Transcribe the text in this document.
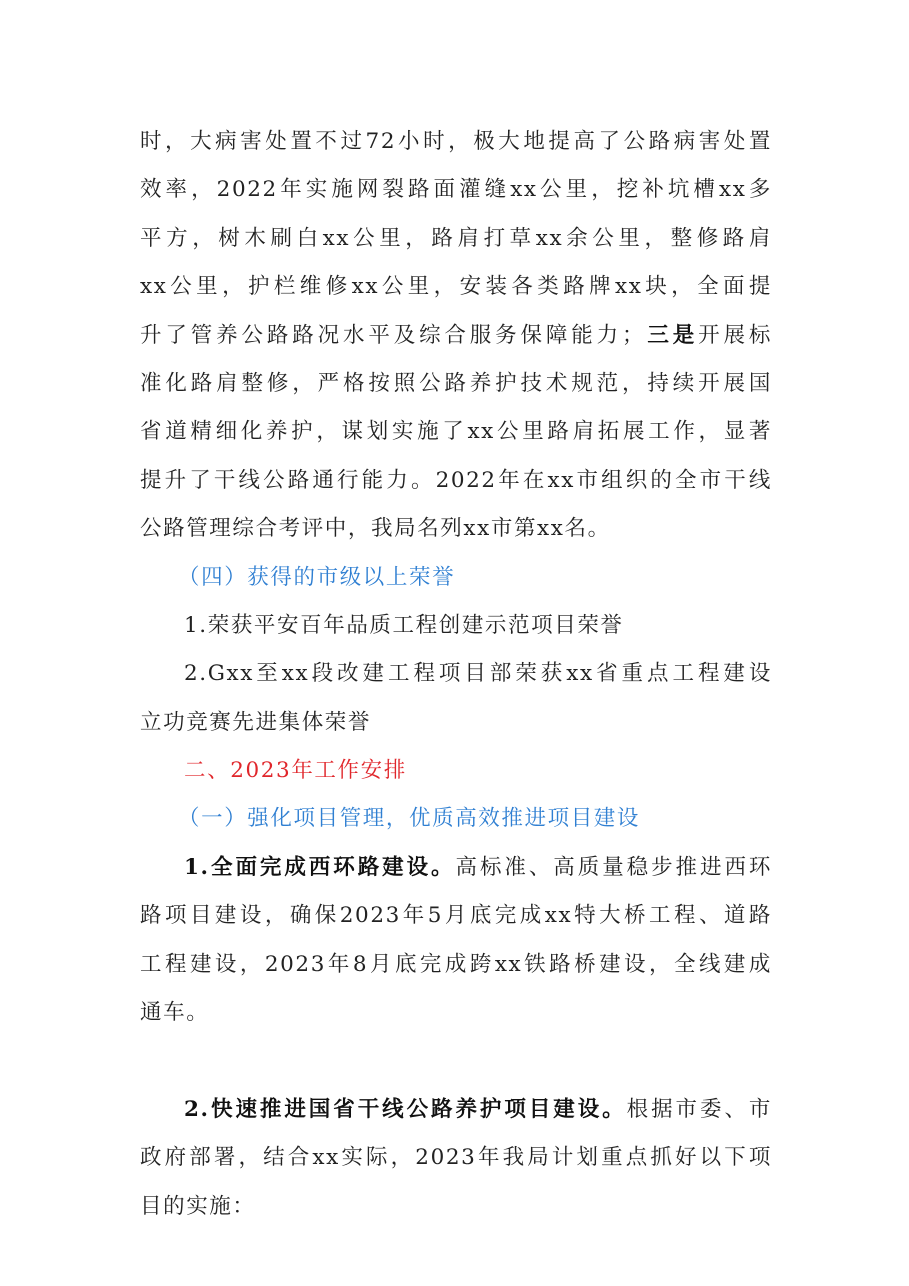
时，大病害处置不过72小时，极大地提高了公路病害处置
效率，2022年实施网裂路面灌缝xx公里，挖补坑槽xx多
平方，树木刷白xx公里，路肩打草xx余公里，整修路肩
xx公里，护栏维修xx公里，安装各类路牌xx块，全面提
升了管养公路路况水平及综合服务保障能力；三是开展标
准化路肩整修，严格按照公路养护技术规范，持续开展国
省道精细化养护，谋划实施了xx公里路肩拓展工作，显著
提升了干线公路通行能力。2022年在xx市组织的全市干线
公路管理综合考评中，我局名列xx市第xx名。
（四）获得的市级以上荣誉
1.荣获平安百年品质工程创建示范项目荣誉
2.Gxx至xx段改建工程项目部荣获xx省重点工程建设
立功竞赛先进集体荣誉
二、2023年工作安排
（一）强化项目管理，优质高效推进项目建设
1.全面完成西环路建设。高标准、高质量稳步推进西环
路项目建设，确保2023年5月底完成xx特大桥工程、道路
工程建设，2023年8月底完成跨xx铁路桥建设，全线建成
通车。
2.快速推进国省干线公路养护项目建设。根据市委、市
政府部署，结合xx实际，2023年我局计划重点抓好以下项
目的实施：
